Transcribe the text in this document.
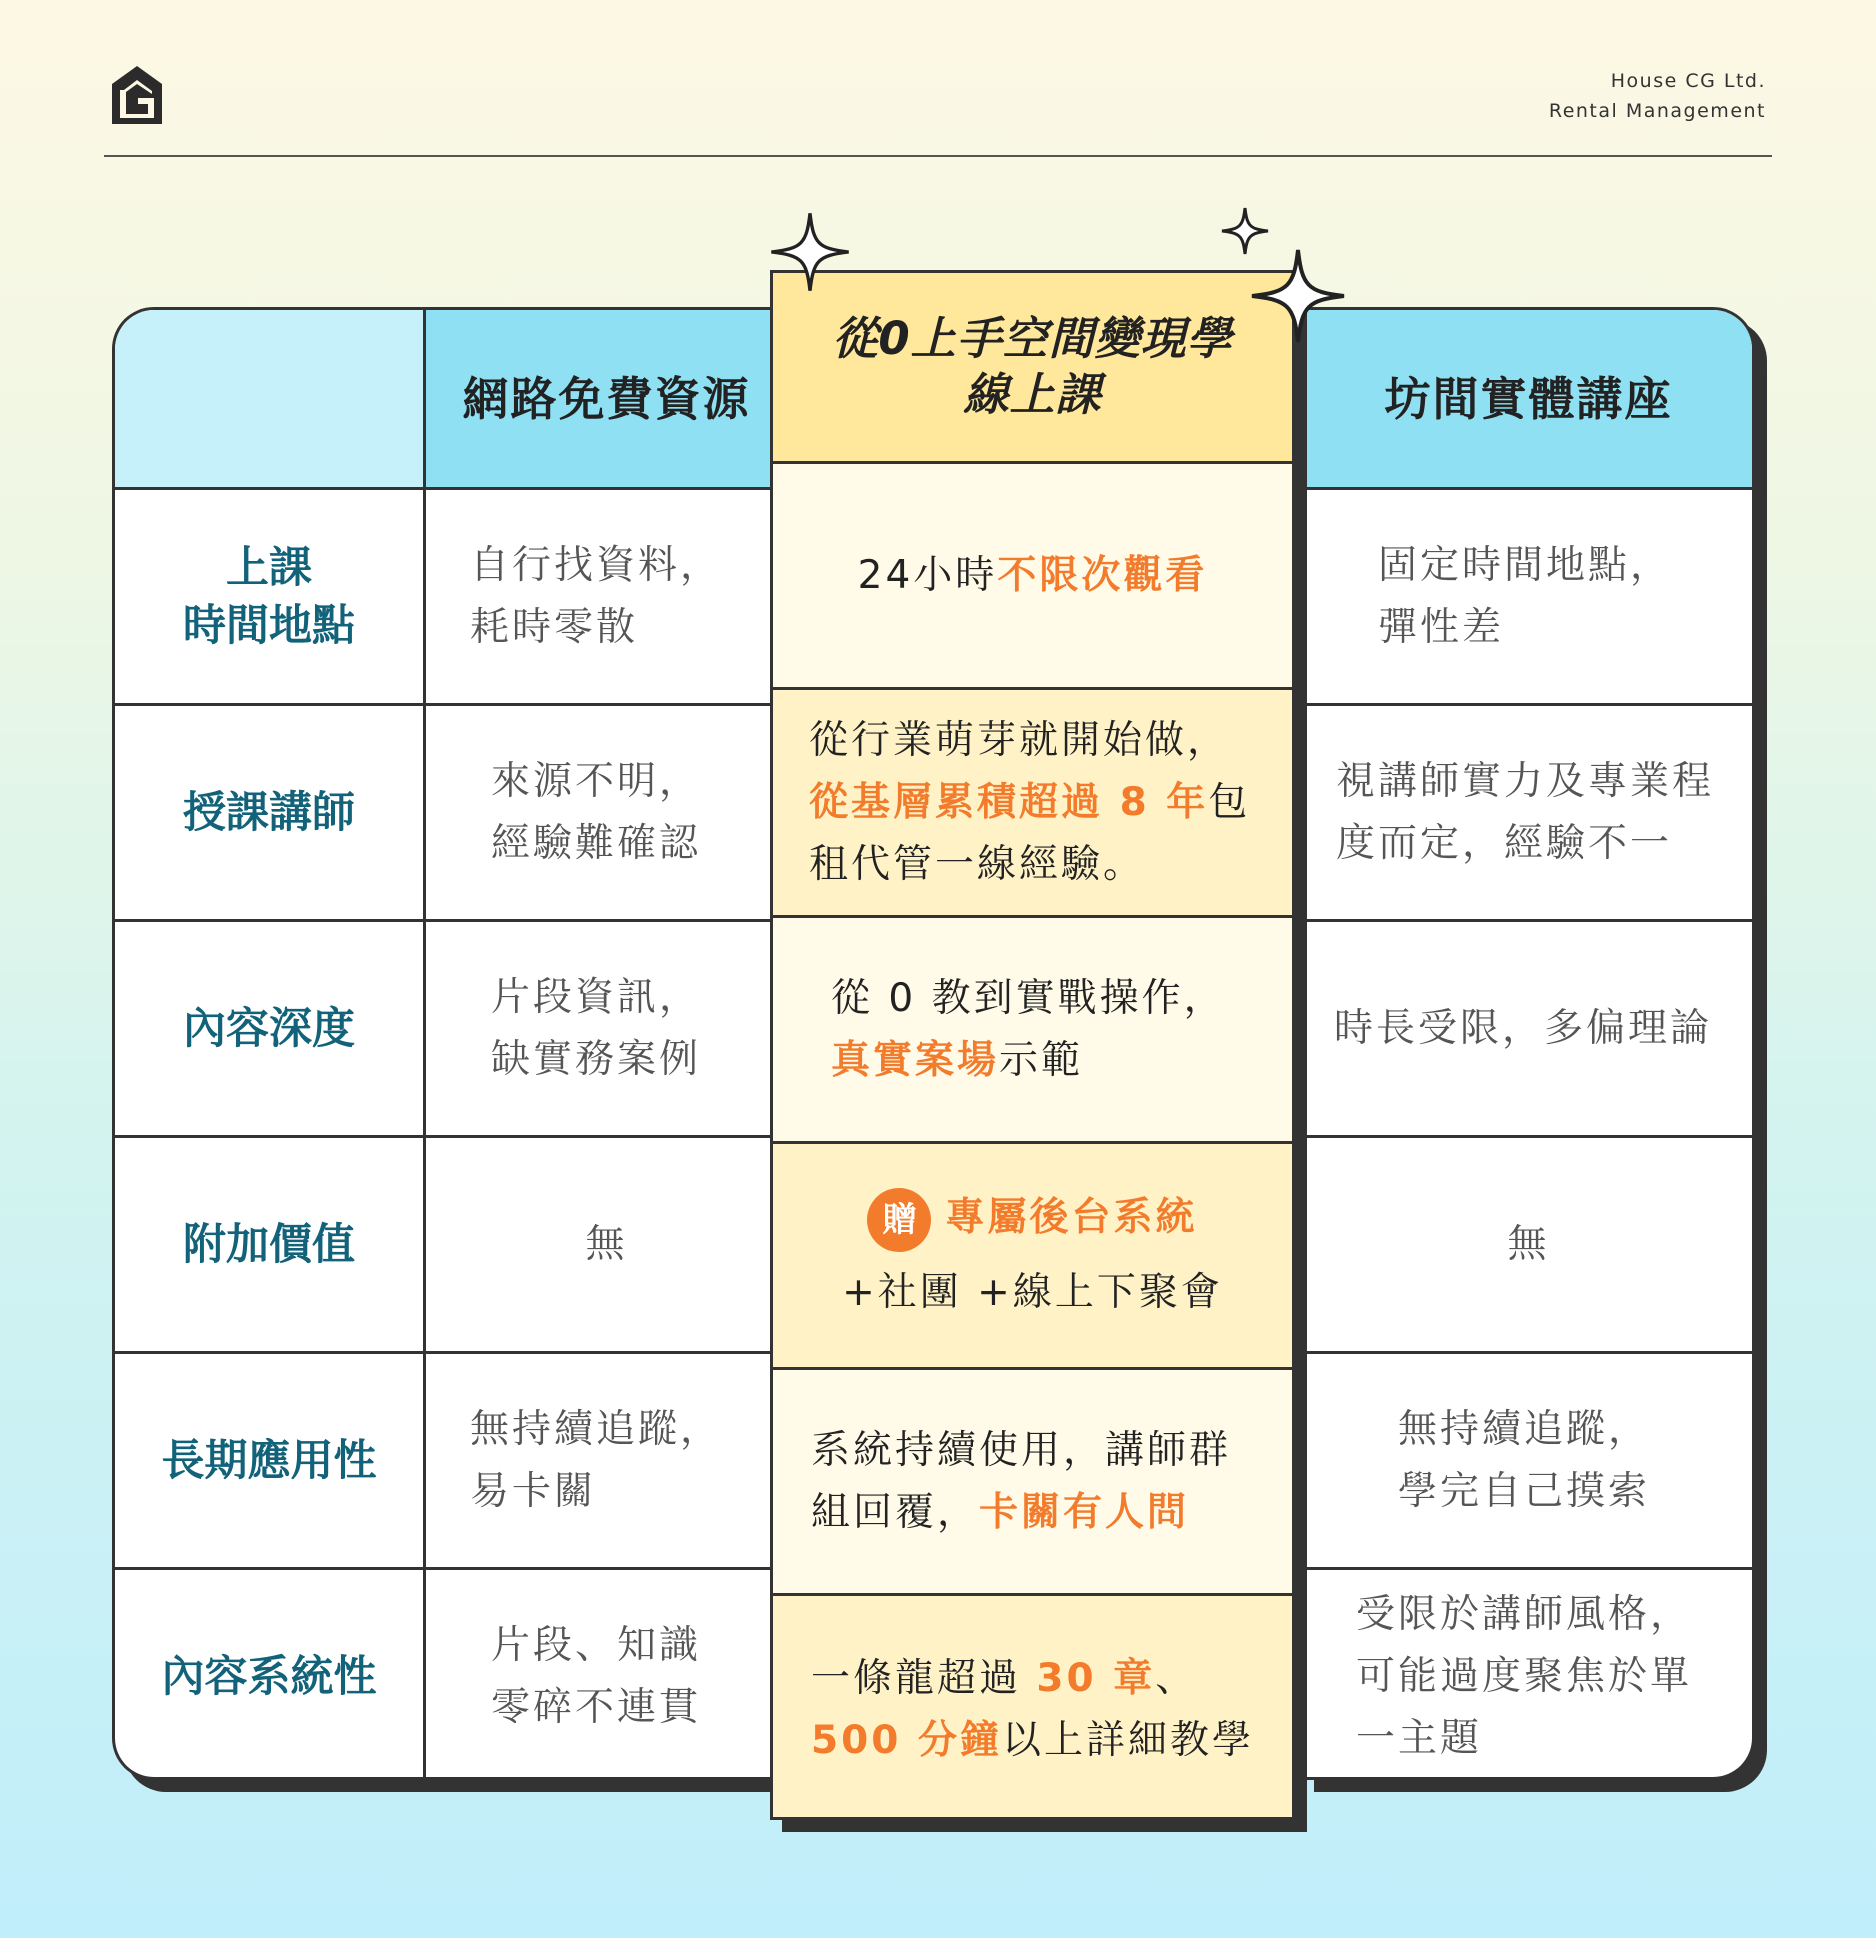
House CG Ltd.
Rental Management
網路免費資源
上課
時間地點
自行找資料，
耗時零散
授課講師
來源不明，
經驗難確認
內容深度
片段資訊，
缺實務案例
附加價值	無
長期應用性
無持續追蹤，
易卡關
內容系統性
片段、知識
零碎不連貫
坊間實體講座
固定時間地點，
彈性差
視講師實力及專業程
度而定，經驗不一
時長受限，多偏理論
無
無持續追蹤，
學完自己摸索
受限於講師風格，
可能過度聚焦於單
一主題
從0上手空間變現學
線上課
24小時不限次觀看
從行業萌芽就開始做，
從基層累積超過 8 年包
租代管一線經驗。
從 0 教到實戰操作，
真實案場示範
贈 專屬後台系統
+社團 +線上下聚會
系統持續使用，講師群
組回覆，卡關有人問
一條龍超過 30 章、
500 分鐘以上詳細教學
